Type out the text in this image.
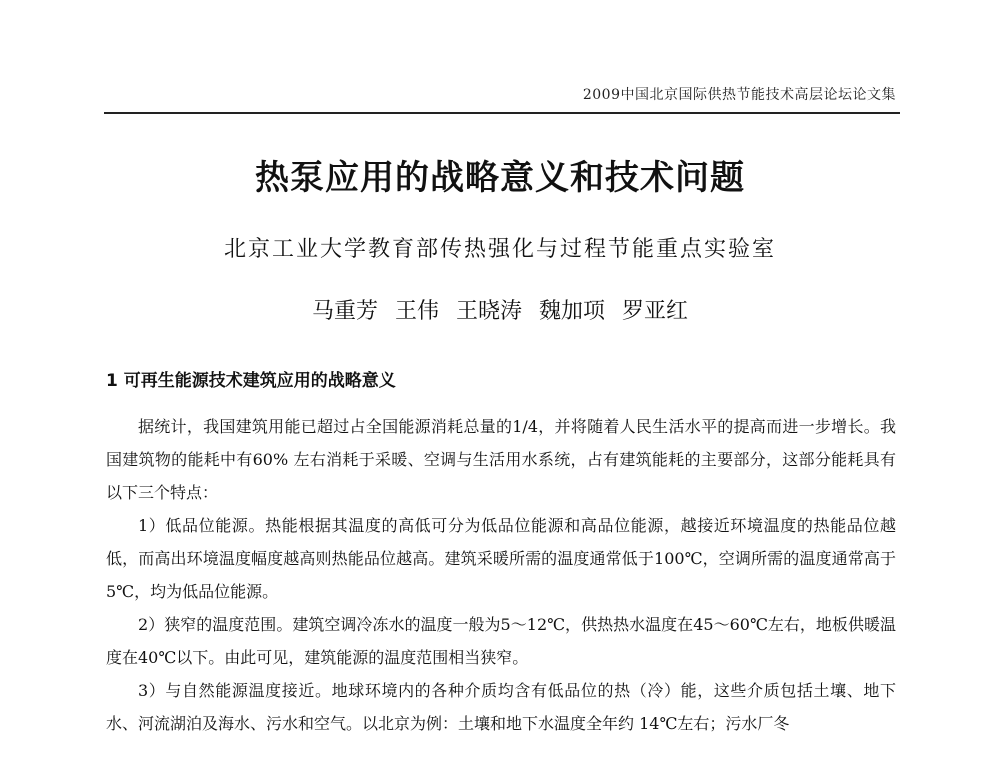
2009中国北京国际供热节能技术高层论坛论文集
热泵应用的战略意义和技术问题
北京工业大学教育部传热强化与过程节能重点实验室
马重芳 王伟 王晓涛 魏加项 罗亚红
1 可再生能源技术建筑应用的战略意义
据统计，我国建筑用能已超过占全国能源消耗总量的1/4，并将随着人民生活水平的提高而进一步增长。我国建筑物的能耗中有60% 左右消耗于采暖、空调与生活用水系统，占有建筑能耗的主要部分，这部分能耗具有以下三个特点：
1）低品位能源。热能根据其温度的高低可分为低品位能源和高品位能源，越接近环境温度的热能品位越低，而高出环境温度幅度越高则热能品位越高。建筑采暖所需的温度通常低于100℃，空调所需的温度通常高于5℃，均为低品位能源。
2）狭窄的温度范围。建筑空调冷冻水的温度一般为5～12℃，供热热水温度在45～60℃左右，地板供暖温度在40℃以下。由此可见，建筑能源的温度范围相当狭窄。
3）与自然能源温度接近。地球环境内的各种介质均含有低品位的热（冷）能，这些介质包括土壤、地下水、河流湖泊及海水、污水和空气。以北京为例：土壤和地下水温度全年约 14℃左右；污水厂冬
